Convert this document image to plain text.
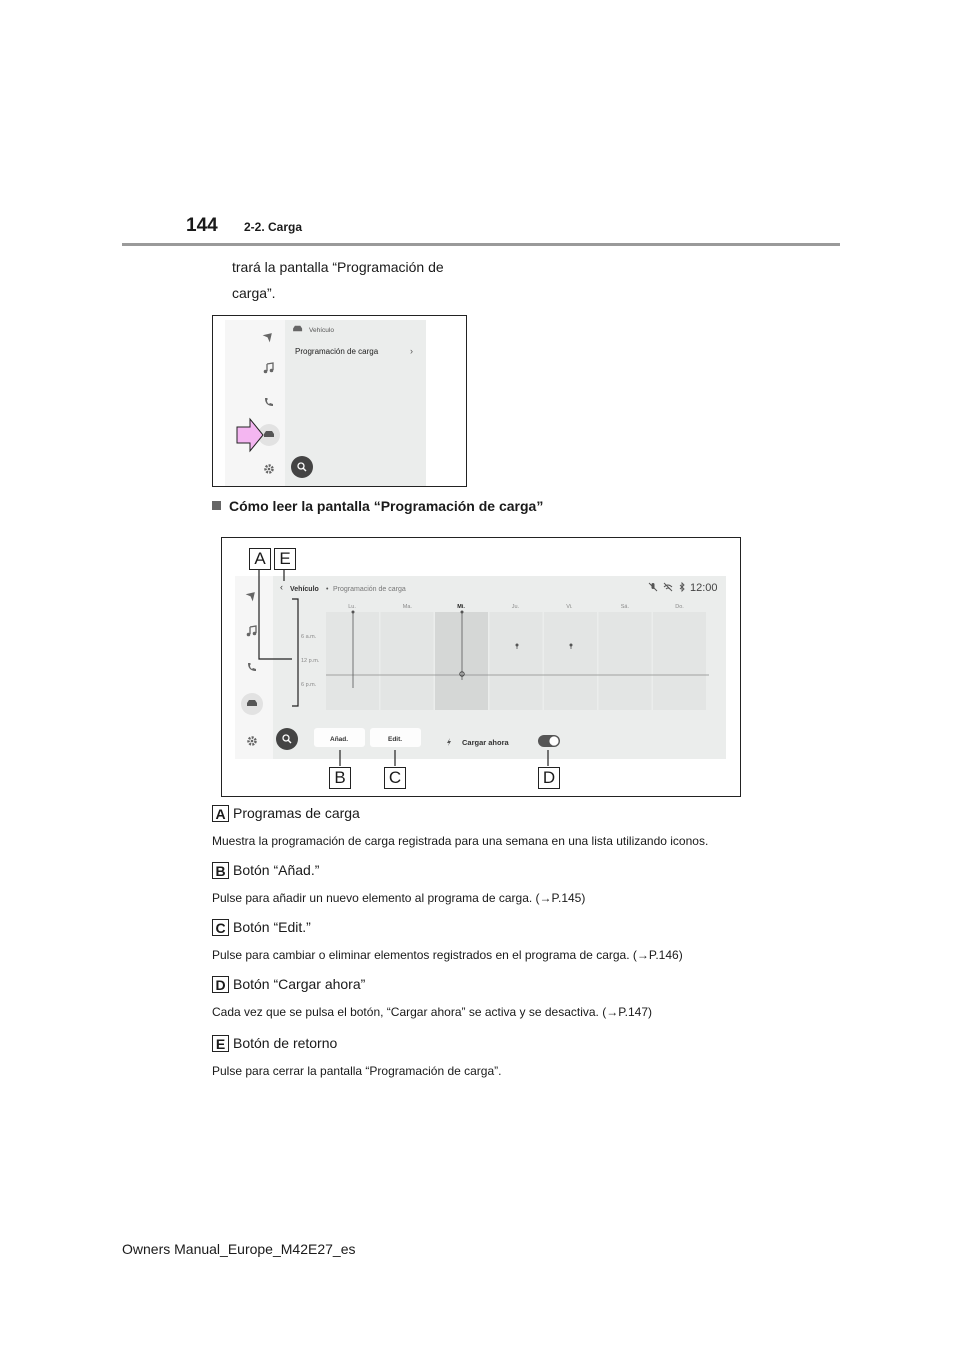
144 2-2. Carga
trará la pantalla “Programación de
carga”.
Vehículo
Programación de carga	›
Cómo leer la pantalla “Programación de carga”
‹ Vehículo • Programación de carga	12:00
Lu.	Ma.	Mi.	Ju.	Vi.	Sá.	Do.
6 a.m.
12 p.m.
6 p.m.
Añad.	Edit.	Cargar ahora
A E
B	C	D
A Programas de carga
Muestra la programación de carga registrada para una semana en una lista utilizando iconos.
B Botón “Añad.”
Pulse para añadir un nuevo elemento al programa de carga. (→P.145)
C Botón “Edit.”
Pulse para cambiar o eliminar elementos registrados en el programa de carga. (→P.146)
D Botón “Cargar ahora”
Cada vez que se pulsa el botón, “Cargar ahora” se activa y se desactiva. (→P.147)
E Botón de retorno
Pulse para cerrar la pantalla “Programación de carga”.
Owners Manual_Europe_M42E27_es
